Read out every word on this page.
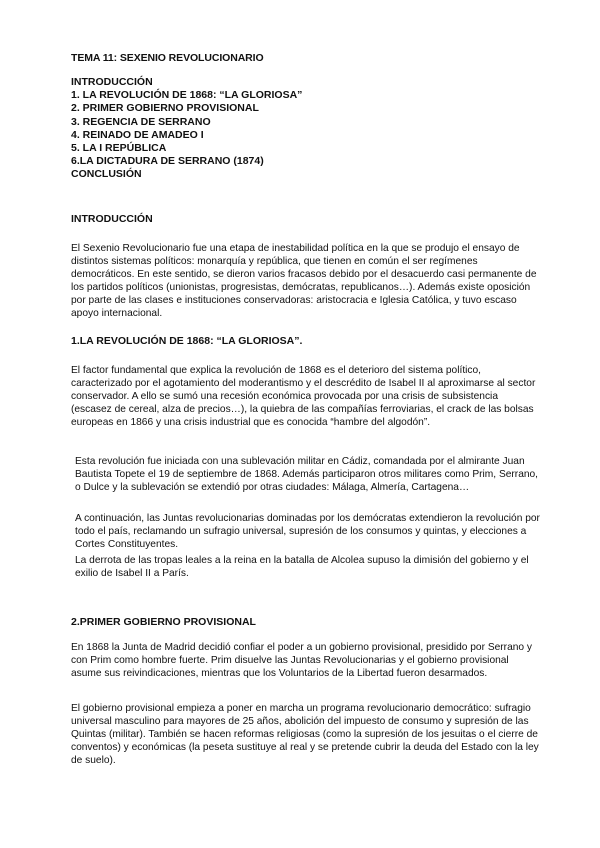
TEMA 11: SEXENIO REVOLUCIONARIO
INTRODUCCIÓN
1. LA REVOLUCIÓN DE 1868: “LA GLORIOSA”
2. PRIMER GOBIERNO PROVISIONAL
3. REGENCIA DE SERRANO
4. REINADO DE AMADEO I
5. LA I REPÚBLICA
6.LA DICTADURA DE SERRANO (1874)
CONCLUSIÓN
INTRODUCCIÓN

El Sexenio Revolucionario fue una etapa de inestabilidad política en la que se produjo el ensayo de distintos sistemas políticos: monarquía y república, que tienen en común el ser regímenes democráticos. En este sentido, se dieron varios fracasos debido por el desacuerdo casi permanente de los partidos políticos (unionistas, progresistas, demócratas, republicanos…). Además existe oposición por parte de las clases e instituciones conservadoras: aristocracia e Iglesia Católica, y tuvo escaso apoyo internacional.

1.LA REVOLUCIÓN DE 1868: “LA GLORIOSA”.

El factor fundamental que explica la revolución de 1868 es el deterioro del sistema político, caracterizado por el agotamiento del moderantismo y el descrédito de Isabel II al aproximarse al sector conservador. A ello se sumó una recesión económica provocada por una crisis de subsistencia (escasez de cereal, alza de precios…), la quiebra de las compañías ferroviarias, el crack de las bolsas europeas en 1866 y una crisis industrial que es conocida “hambre del algodón”.

Esta revolución fue iniciada con una sublevación militar en Cádiz, comandada por el almirante Juan Bautista Topete el 19 de septiembre de 1868. Además participaron otros militares como Prim, Serrano, o Dulce y la sublevación se extendió por otras ciudades: Málaga, Almería, Cartagena…

A continuación, las Juntas revolucionarias dominadas por los demócratas extendieron la revolución por todo el país, reclamando un sufragio universal, supresión de los consumos y quintas, y elecciones a Cortes Constituyentes.

La derrota de las tropas leales a la reina en la batalla de Alcolea supuso la dimisión del gobierno y el exilio de Isabel II a París.

2.PRIMER GOBIERNO PROVISIONAL

En 1868 la Junta de Madrid decidió confiar el poder a un gobierno provisional, presidido por Serrano y con Prim como hombre fuerte. Prim disuelve las Juntas Revolucionarias y el gobierno provisional asume sus reivindicaciones, mientras que los Voluntarios de la Libertad fueron desarmados.

El gobierno provisional empieza a poner en marcha un programa revolucionario democrático: sufragio universal masculino para mayores de 25 años, abolición del impuesto de consumo y supresión de las Quintas (militar). También se hacen reformas religiosas (como la supresión de los jesuitas o el cierre de conventos) y económicas (la peseta sustituye al real y se pretende cubrir la deuda del Estado con la ley de suelo).
